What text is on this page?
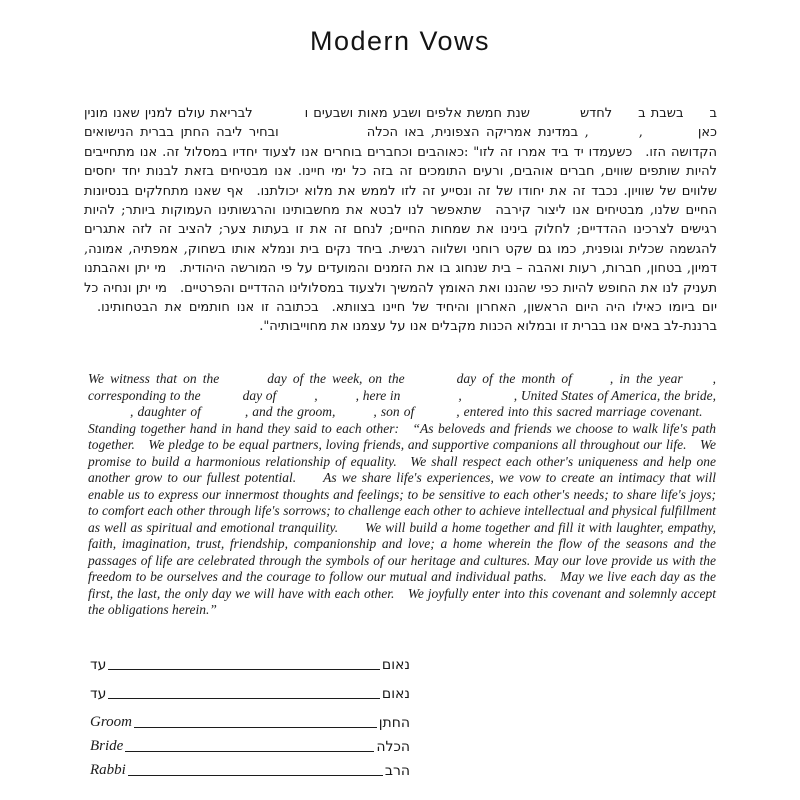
Modern Vows
בבשבת בלחדששנת חמשת אלפים ושבע מאות ושבעים ולבריאת עולם למנין שאנו מונין כאן,, במדינת אמריקה הצפונית, באו הכלהובחיר ליבה החתן בברית הנישואים הקדושה הזו. כשעמדו יד ביד אמרו זה לזו" :כאוהבים וכחברים בוחרים אנו לצעוד יחדיו במסלול זה. אנו מתחייבים להיות שותפים שווים, חברים אוהבים, ורעים התומכים זה בזה כל ימי חיינו. אנו מבטיחים בזאת לבנות יחד יחסים שלווים של שוויון. נכבד זה את יחודו של זה ונסייע זה לזו לממש את מלוא יכולתנו. אף שאנו מתחלקים בנסיונות החיים שלנו, מבטיחים אנו ליצור קירבהשתאפשר לנו לבטא את מחשבותינו והרגשותינו העמוקות ביותר; להיות רגישים לצרכינו ההדדיים; לחלוק בינינו את שמחות החיים; לנחם זה את זו בעתות צער; להציב זה לזה אתגרים להגשמה שכלית וגופנית, כמו גם שקט רוחני ושלווה רגשית. ביחד נקים בית ונמלא אותו בשחוק, אמפתיה, אמונה, דמיון, בטחון, חברות, רעות ואהבה – בית שנחוג בו את הזמנים והמועדים על פי המורשה היהודית. מי יתן ואהבתנו תעניק לנו את החופש להיות כפי שהננו ואת האומץ להמשיך ולצעוד במסלולינו ההדדיים והפרטיים. מי יתן ונחיה כל יום ביומו כאילו היה היום הראשון, האחרון והיחיד של חיינו בצוותא. בכתובה זו אנו חותמים את הבטחותינו. ברננת-לב באים אנו בברית זו ובמלוא הכנות מקבלים אנו על עצמנו את מחוייבותיה".
We witness that on the	day of the week, on the	day of the month of	, in the year , corresponding to the	day of	,	, here in	,	, United States of America, the bride,, daughter of	, and the groom,	, son of	, entered into this sacred marriage covenant. Standing together hand in hand they said to each other: “As beloveds and friends we choose to walk life's path together. We pledge to be equal partners, loving friends, and supportive companions all throughout our life. We promise to build a harmonious relationship of equality. We shall respect each other's uniqueness and help one another grow to our fullest potential.  As we share life's experiences, we vow to create an intimacy that will enable us to express our innermost thoughts and feelings; to be sensitive to each other's needs; to share life's joys; to comfort each other through life's sorrows; to challenge each other to achieve intellectual and physical fulfillment as well as spiritual and emotional tranquility.  We will build a home together and fill it with laughter, empathy, faith, imagination, trust, friendship, companionship and love; a home wherein the flow of the seasons and the passages of life are celebrated through the symbols of our heritage and cultures. May our love provide us with the freedom to be ourselves and the courage to follow our mutual and individual paths. May we live each day as the first, the last, the only day we will have with each other. We joyfully enter into this covenant and solemnly accept the obligations herein.”
עד	נאום
עד	נאום
Groom	החתן
Bride	הכלה
Rabbi	הרב
